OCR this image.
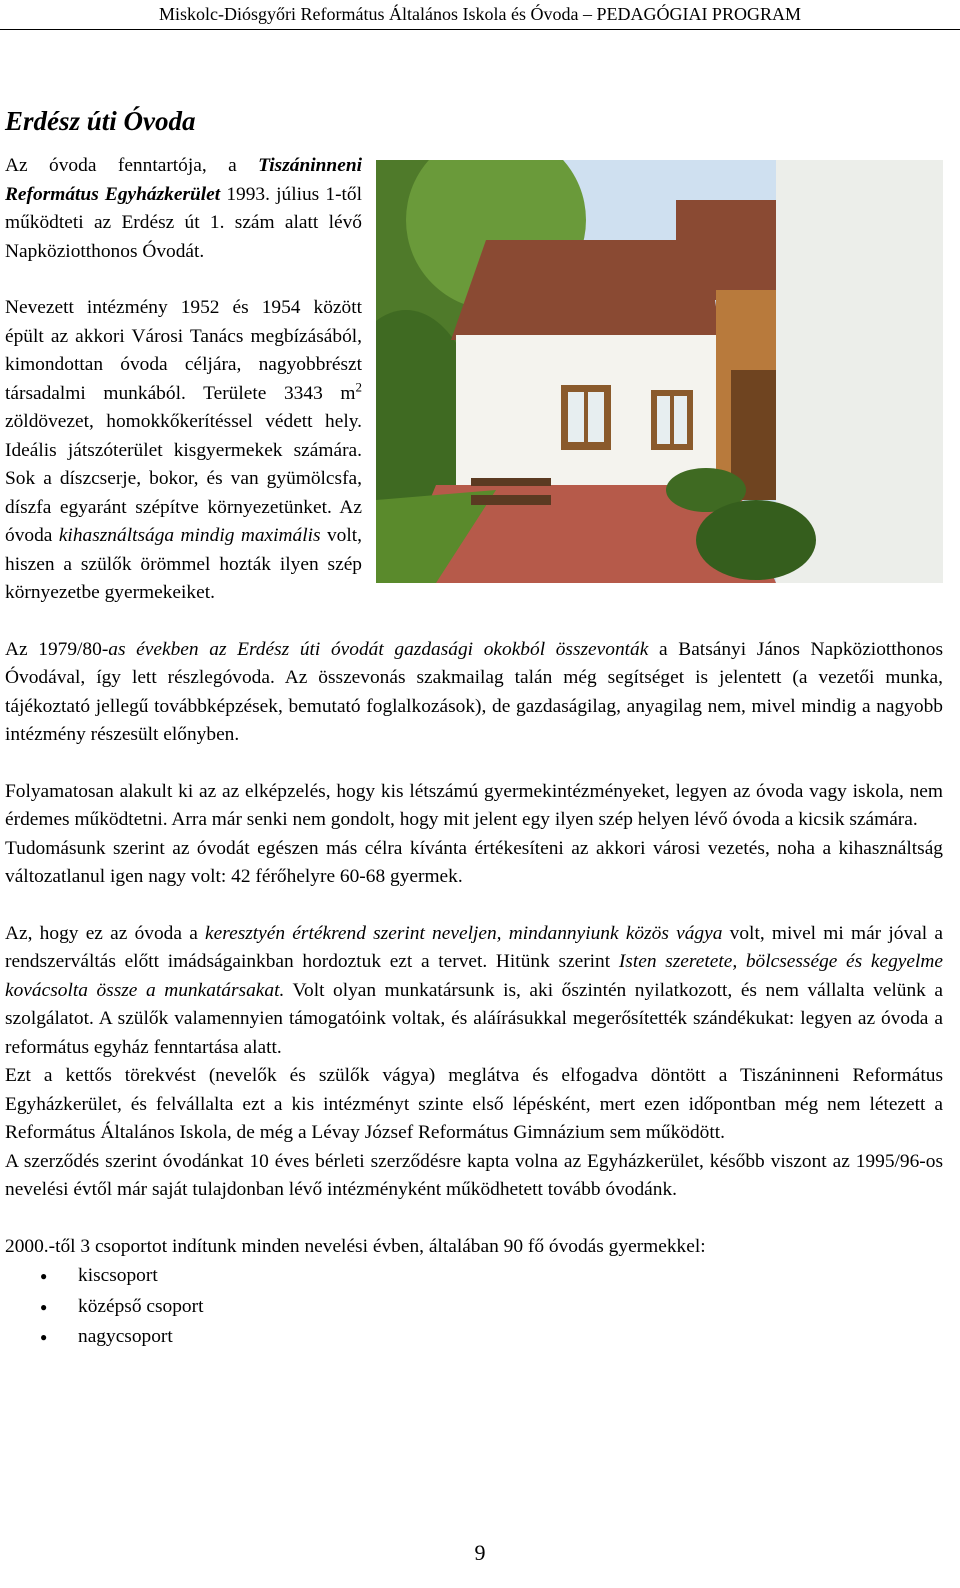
Miskolc-Diósgyőri Református Általános Iskola és Óvoda – PEDAGÓGIAI PROGRAM
Erdész úti Óvoda

Az óvoda fenntartója, a Tiszáninneni Református Egyházkerület 1993. július 1-től működteti az Erdész út 1. szám alatt lévő Napköziotthonos Óvodát.

Nevezett intézmény 1952 és 1954 között épült az akkori Városi Tanács megbízásából, kimondottan óvoda céljára, nagyobbrészt társadalmi munkából. Területe 3343 $m^2$ zöldövezet, homokkőkerítéssel védett hely. Ideális játszóterület kisgyermekek számára. Sok a díszcserje, bokor, és van gyümölcsfa, díszfa egyaránt szépítve környezetünket. Az óvoda kihasználtsága mindig maximális volt, hiszen a szülők örömmel hozták ilyen szép környezetbe gyermekeiket.

Az 1979/80-as években az Erdész úti óvodát gazdasági okokból összevonták a Batsányi János Napköziotthonos Óvodával, így lett részlegóvoda. Az összevonás szakmailag talán még segítséget is jelentett (a vezetői munka, tájékoztató jellegű továbbképzések, bemutató foglalkozások), de gazdaságilag, anyagilag nem, mivel mindig a nagyobb intézmény részesült előnyben.

Folyamatosan alakult ki az az elképzelés, hogy kis létszámú gyermekintézményeket, legyen az óvoda vagy iskola, nem érdemes működtetni. Arra már senki nem gondolt, hogy mit jelent egy ilyen szép helyen lévő óvoda a kicsik számára.

Tudomásunk szerint az óvodát egészen más célra kívánta értékesíteni az akkori városi vezetés, noha a kihasználtság változatlanul igen nagy volt: 42 férőhelyre 60-68 gyermek.

Az, hogy ez az óvoda a keresztyén értékrend szerint neveljen, mindannyiunk közös vágya volt, mivel mi már jóval a rendszerváltás előtt imádságainkban hordoztuk ezt a tervet. Hitünk szerint Isten szeretete, bölcsessége és kegyelme kovácsolta össze a munkatársakat. Volt olyan munkatársunk is, aki őszintén nyilatkozott, és nem vállalta velünk a szolgálatot. A szülők valamennyien támogatóink voltak, és aláírásukkal megerősítették szándékukat: legyen az óvoda a református egyház fenntartása alatt.

Ezt a kettős törekvést (nevelők és szülők vágya) meglátva és elfogadva döntött a Tiszáninneni Református Egyházkerület, és felvállalta ezt a kis intézményt szinte első lépésként, mert ezen időpontban még nem létezett a Református Általános Iskola, de még a Lévay József Református Gimnázium sem működött.

A szerződés szerint óvodánkat 10 éves bérleti szerződésre kapta volna az Egyházkerület, később viszont az 1995/96-os nevelési évtől már saját tulajdonban lévő intézményként működhetett tovább óvodánk.

2000.-től 3 csoportot indítunk minden nevelési évben, általában 90 fő óvodás gyermekkel:

● kiscsoport
● középső csoport
● nagycsoport
9
